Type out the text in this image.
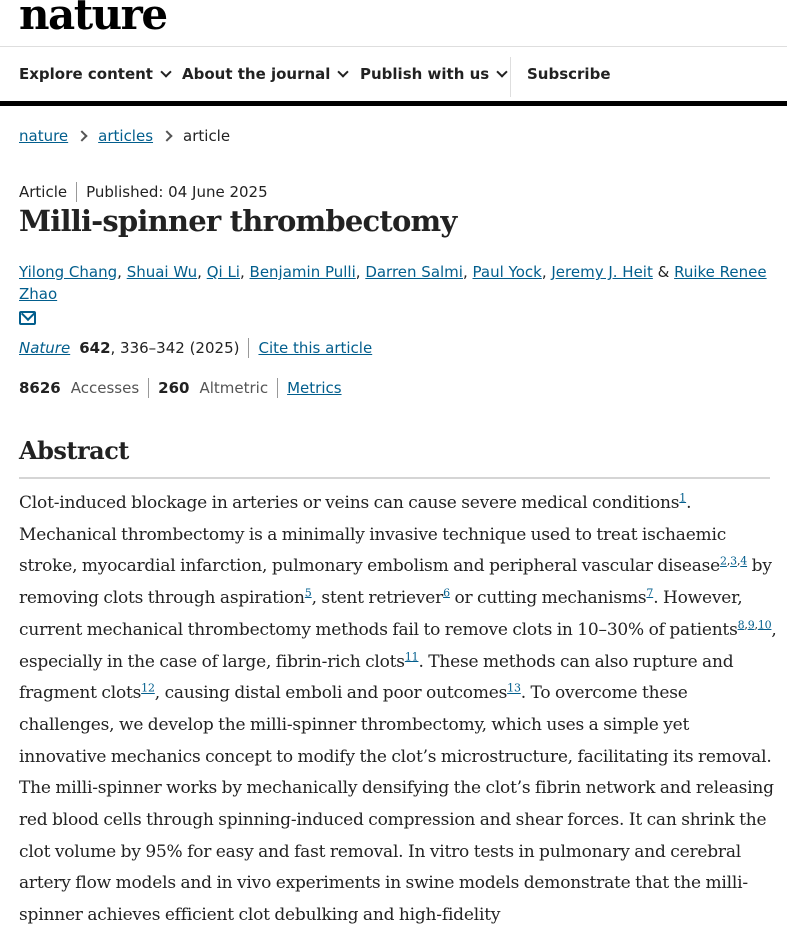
nature
Explore content About the journal Publish with us	Subscribe
nature articles article
Article Published: 04 June 2025
Milli-spinner thrombectomy
Yilong Chang, Shuai Wu, Qi Li, Benjamin Pulli, Darren Salmi, Paul Yock, Jeremy J. Heit & Ruike Renee Zhao
Nature 642 , 336–342 (2025) Cite this article
8626 Accesses 260 Altmetric Metrics
Abstract

Clot-induced blockage in arteries or veins can cause severe medical conditions$^1$. Mechanical thrombectomy is a minimally invasive technique used to treat ischaemic stroke, myocardial infarction, pulmonary embolism and peripheral vascular disease$^{2,3,4}$ by removing clots through aspiration$^5$, stent retriever$^6$ or cutting mechanisms$^7$. However, current mechanical thrombectomy methods fail to remove clots in 10–30% of patients$^{8,9,10}$, especially in the case of large, fibrin-rich clots$^{11}$. These methods can also rupture and fragment clots$^{12}$, causing distal emboli and poor outcomes$^{13}$. To overcome these challenges, we develop the milli-spinner thrombectomy, which uses a simple yet innovative mechanics concept to modify the clot’s microstructure, facilitating its removal. The milli-spinner works by mechanically densifying the clot’s fibrin network and releasing red blood cells through spinning-induced compression and shear forces. It can shrink the clot volume by 95% for easy and fast removal. In vitro tests in pulmonary and cerebral artery flow models and in vivo experiments in swine models demonstrate that the milli-spinner achieves efficient clot debulking and high-fidelity
